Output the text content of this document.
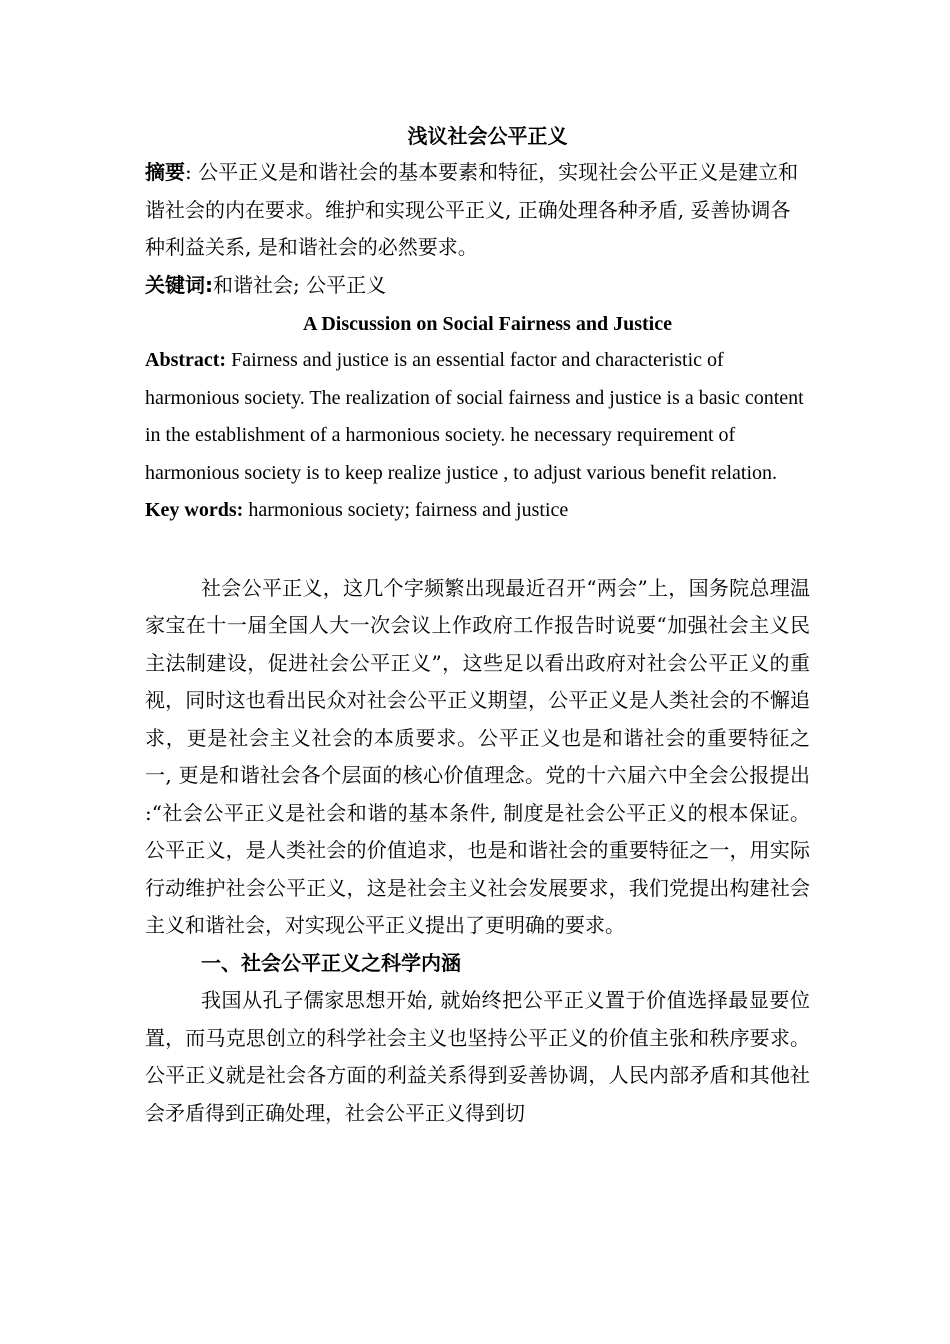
浅议社会公平正义

摘要: 公平正义是和谐社会的基本要素和特征，实现社会公平正义是建立和谐社会的内在要求。维护和实现公平正义, 正确处理各种矛盾, 妥善协调各种利益关系, 是和谐社会的必然要求。

关键词:和谐社会; 公平正义

A Discussion on Social Fairness and Justice

Abstract: Fairness and justice is an essential factor and characteristic of harmonious society. The realization of social fairness and justice is a basic content in the establishment of a harmonious society. he necessary requirement of harmonious society is to keep realize justice , to adjust various benefit relation.

Key words: harmonious society; fairness and justice

社会公平正义，这几个字频繁出现最近召开“两会”上，国务院总理温家宝在十一届全国人大一次会议上作政府工作报告时说要“加强社会主义民主法制建设，促进社会公平正义”，这些足以看出政府对社会公平正义的重视，同时这也看出民众对社会公平正义期望，公平正义是人类社会的不懈追求，更是社会主义社会的本质要求。公平正义也是和谐社会的重要特征之一, 更是和谐社会各个层面的核心价值理念。党的十六届六中全会公报提出 :“社会公平正义是社会和谐的基本条件, 制度是社会公平正义的根本保证。公平正义，是人类社会的价值追求，也是和谐社会的重要特征之一，用实际行动维护社会公平正义，这是社会主义社会发展要求，我们党提出构建社会主义和谐社会，对实现公平正义提出了更明确的要求。

一、社会公平正义之科学内涵

我国从孔子儒家思想开始, 就始终把公平正义置于价值选择最显要位置，而马克思创立的科学社会主义也坚持公平正义的价值主张和秩序要求。公平正义就是社会各方面的利益关系得到妥善协调，人民内部矛盾和其他社会矛盾得到正确处理，社会公平正义得到切
